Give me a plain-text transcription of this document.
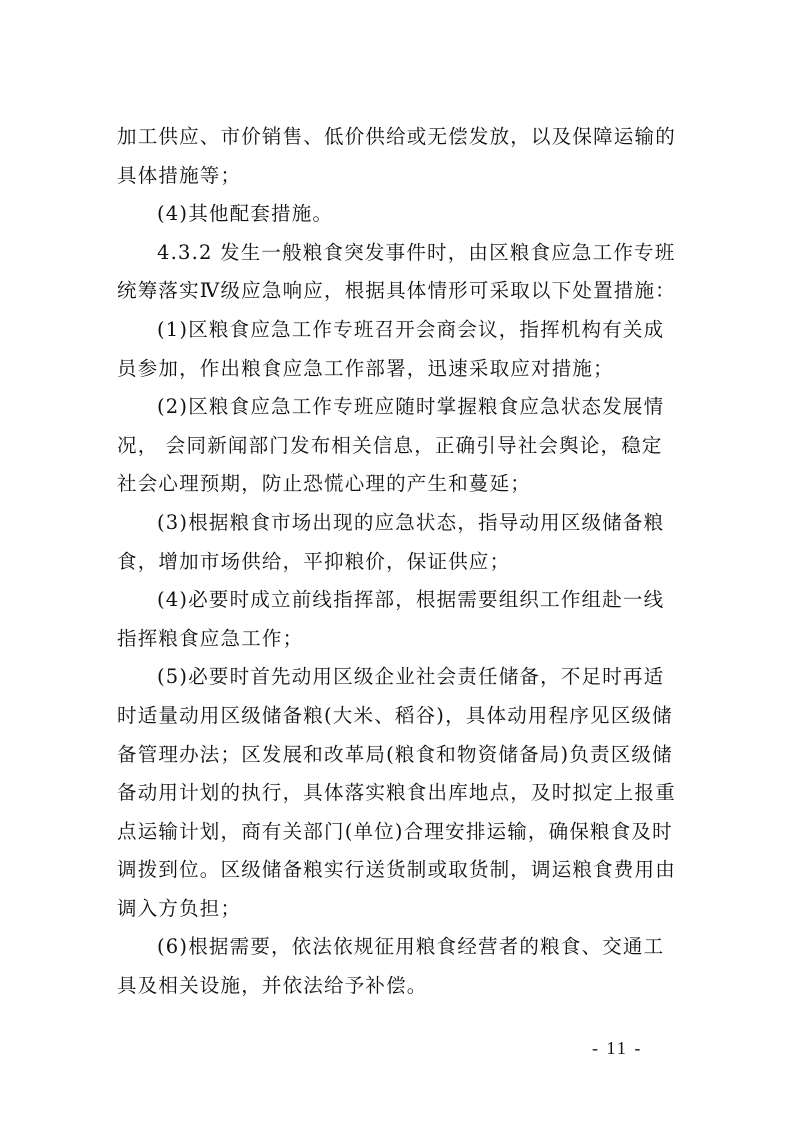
加工供应、市价销售、低价供给或无偿发放，以及保障运输的
具体措施等；
(4)其他配套措施。
4.3.2 发生一般粮食突发事件时，由区粮食应急工作专班
统筹落实Ⅳ级应急响应，根据具体情形可采取以下处置措施：
(1)区粮食应急工作专班召开会商会议，指挥机构有关成
员参加，作出粮食应急工作部署，迅速采取应对措施；
(2)区粮食应急工作专班应随时掌握粮食应急状态发展情
况， 会同新闻部门发布相关信息，正确引导社会舆论，稳定
社会心理预期，防止恐慌心理的产生和蔓延；
(3)根据粮食市场出现的应急状态，指导动用区级储备粮
食，增加市场供给，平抑粮价，保证供应；
(4)必要时成立前线指挥部，根据需要组织工作组赴一线
指挥粮食应急工作；
(5)必要时首先动用区级企业社会责任储备，不足时再适
时适量动用区级储备粮(大米、稻谷)，具体动用程序见区级储
备管理办法；区发展和改革局(粮食和物资储备局)负责区级储
备动用计划的执行，具体落实粮食出库地点，及时拟定上报重
点运输计划，商有关部门(单位)合理安排运输，确保粮食及时
调拨到位。区级储备粮实行送货制或取货制，调运粮食费用由
调入方负担；
(6)根据需要，依法依规征用粮食经营者的粮食、交通工
具及相关设施，并依法给予补偿。
- 11 -
